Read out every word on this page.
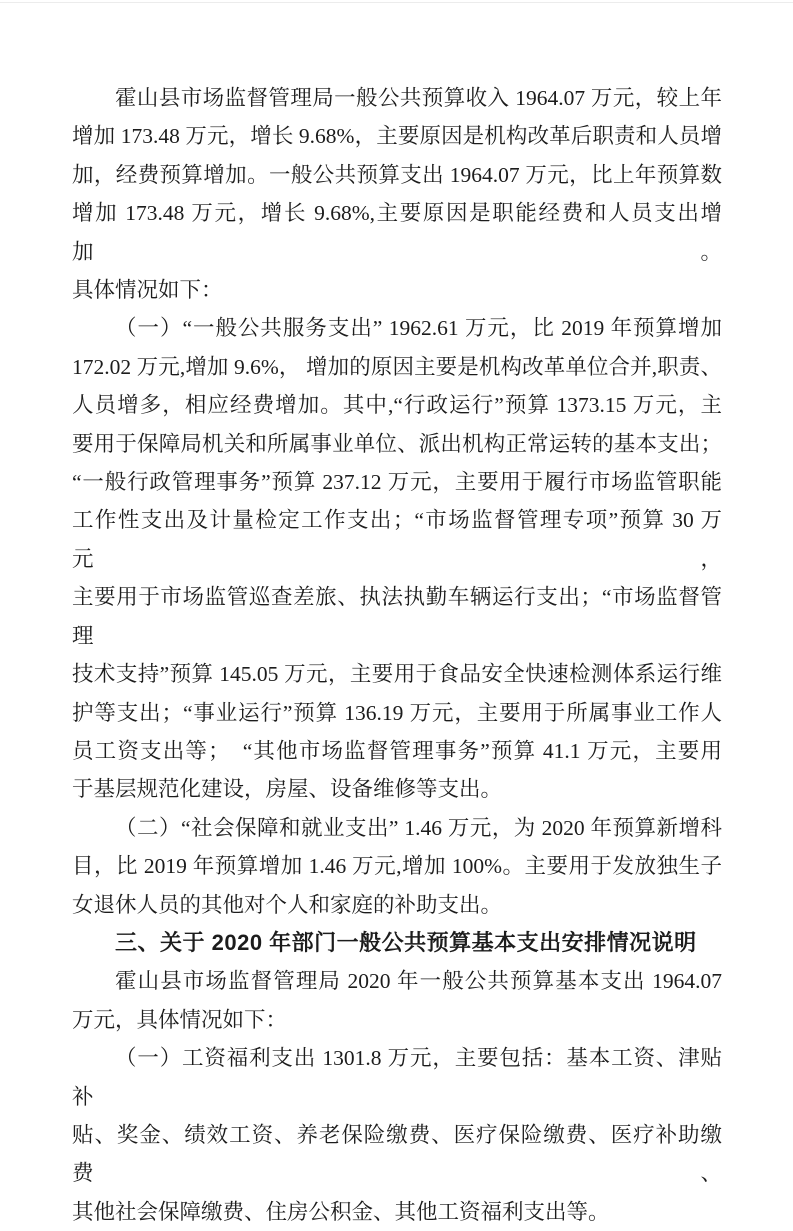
霍山县市场监督管理局一般公共预算收入 1964.07 万元，较上年

增加 173.48 万元，增长 9.68%，主要原因是机构改革后职责和人员增

加，经费预算增加。一般公共预算支出 1964.07 万元，比上年预算数

增加 173.48 万元，增长 9.68%,主要原因是职能经费和人员支出增加。

具体情况如下：

（一）“一般公共服务支出” 1962.61 万元，比 2019 年预算增加

172.02 万元,增加 9.6%， 增加的原因主要是机构改革单位合并,职责、

人员增多，相应经费增加。其中,“行政运行”预算 1373.15 万元，主

要用于保障局机关和所属事业单位、派出机构正常运转的基本支出；

“一般行政管理事务”预算 237.12 万元，主要用于履行市场监管职能

工作性支出及计量检定工作支出；“市场监督管理专项”预算 30 万元，

主要用于市场监管巡查差旅、执法执勤车辆运行支出；“市场监督管理

技术支持”预算 145.05 万元，主要用于食品安全快速检测体系运行维

护等支出；“事业运行”预算 136.19 万元，主要用于所属事业工作人

员工资支出等；　“其他市场监督管理事务”预算 41.1 万元，主要用

于基层规范化建设，房屋、设备维修等支出。

（二）“社会保障和就业支出” 1.46 万元，为 2020 年预算新增科

目，比 2019 年预算增加 1.46 万元,增加 100%。主要用于发放独生子

女退休人员的其他对个人和家庭的补助支出。

三、关于 2020 年部门一般公共预算基本支出安排情况说明

霍山县市场监督管理局 2020 年一般公共预算基本支出 1964.07

万元，具体情况如下：

（一）工资福利支出 1301.8 万元，主要包括：基本工资、津贴补

贴、奖金、绩效工资、养老保险缴费、医疗保险缴费、医疗补助缴费、

其他社会保障缴费、住房公积金、其他工资福利支出等。
